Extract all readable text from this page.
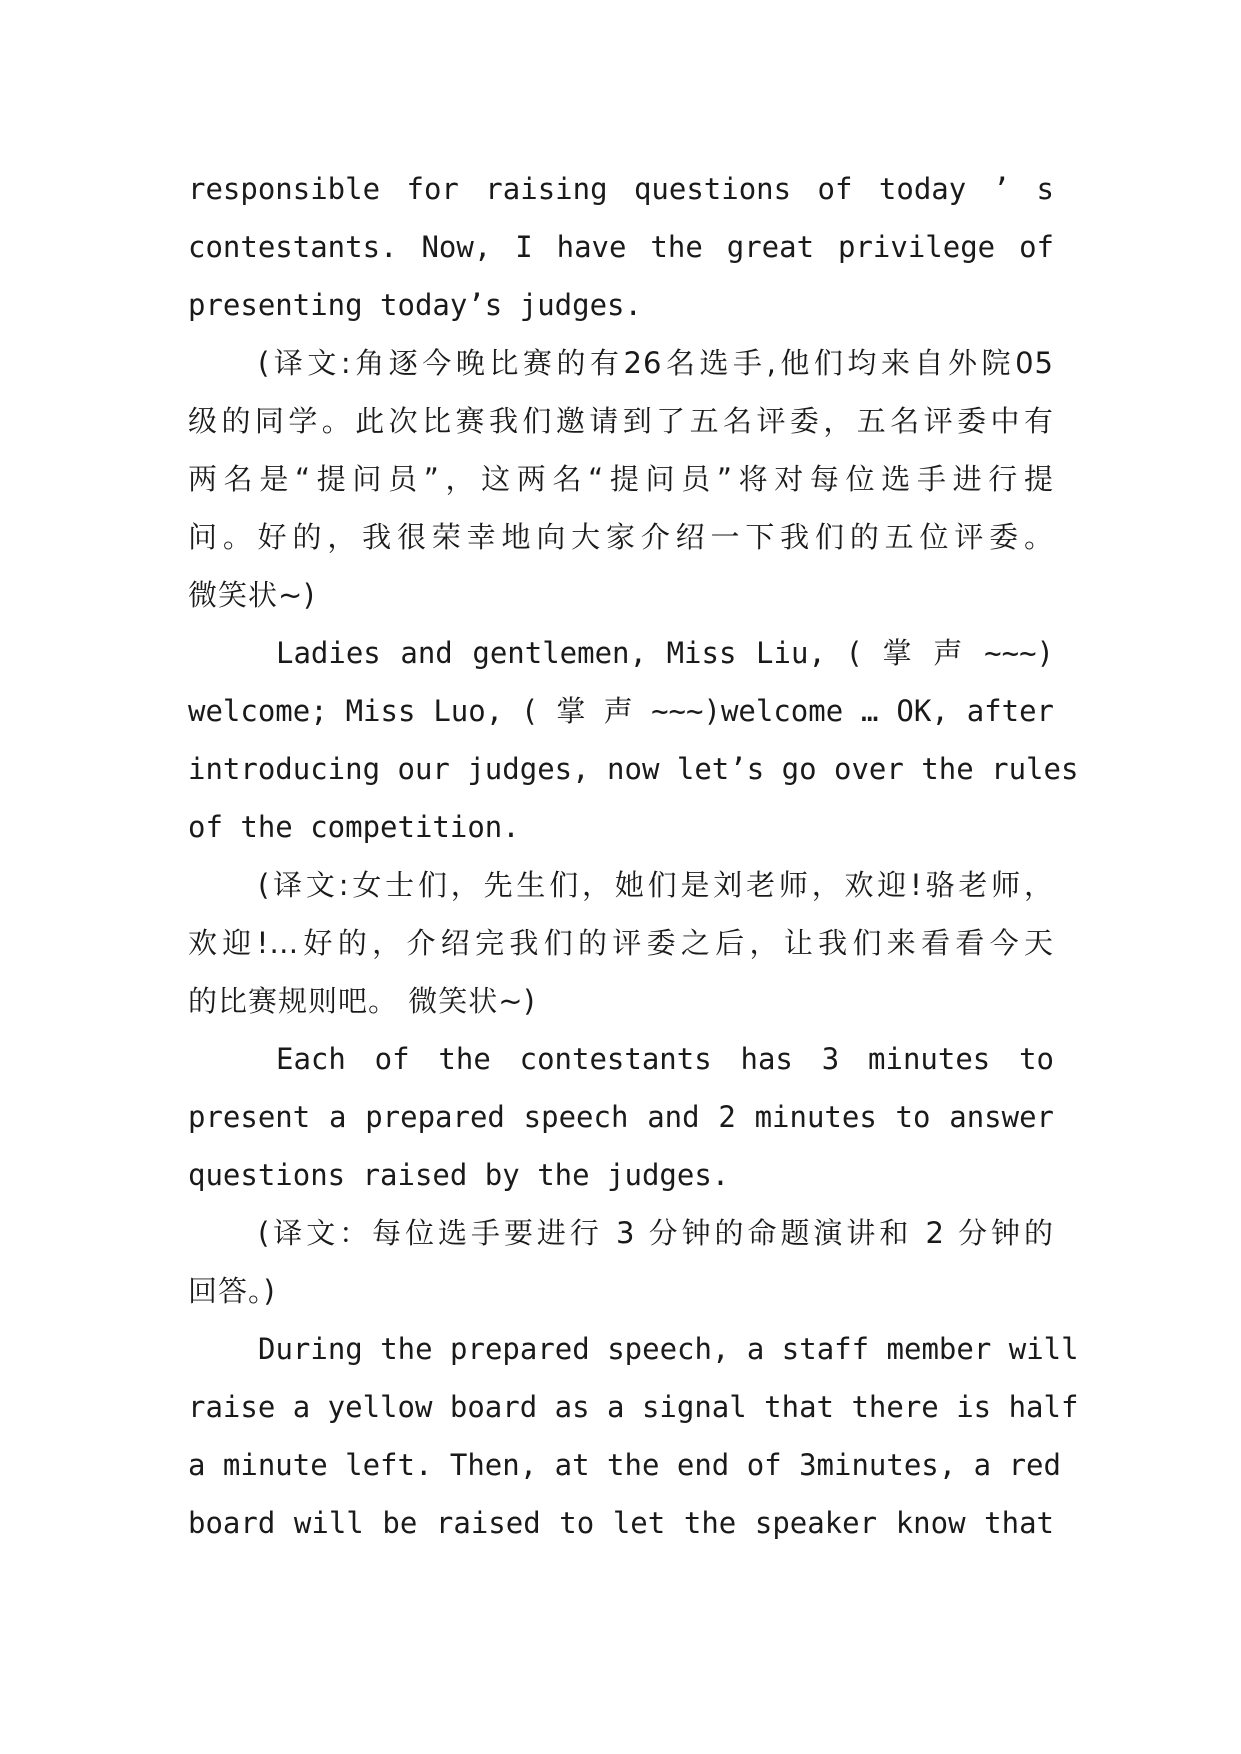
responsible for raising questions of today ’ s
contestants. Now, I have the great privilege of
presenting today’s judges.
(译文:角逐今晚比赛的有26名选手,他们均来自外院05
级的同学。此次比赛我们邀请到了五名评委，五名评委中有
两名是“提问员”，这两名“提问员”将对每位选手进行提
问。好的，我很荣幸地向大家介绍一下我们的五位评委。
微笑状~)
Ladies and gentlemen, Miss Liu, ( 掌 声 ~~~)
welcome; Miss Luo, ( 掌 声 ~~~)welcome … OK, after
introducing our judges, now let’s go over the rules
of the competition.
(译文:女士们，先生们，她们是刘老师，欢迎!骆老师，
欢迎!…好的，介绍完我们的评委之后，让我们来看看今天
的比赛规则吧。 微笑状~)
Each of the contestants has 3 minutes to
present a prepared speech and 2 minutes to answer
questions raised by the judges.
(译文：每位选手要进行 3 分钟的命题演讲和 2 分钟的
回答。)
During the prepared speech, a staff member will
raise a yellow board as a signal that there is half
a minute left. Then, at the end of 3minutes, a red
board will be raised to let the speaker know that
